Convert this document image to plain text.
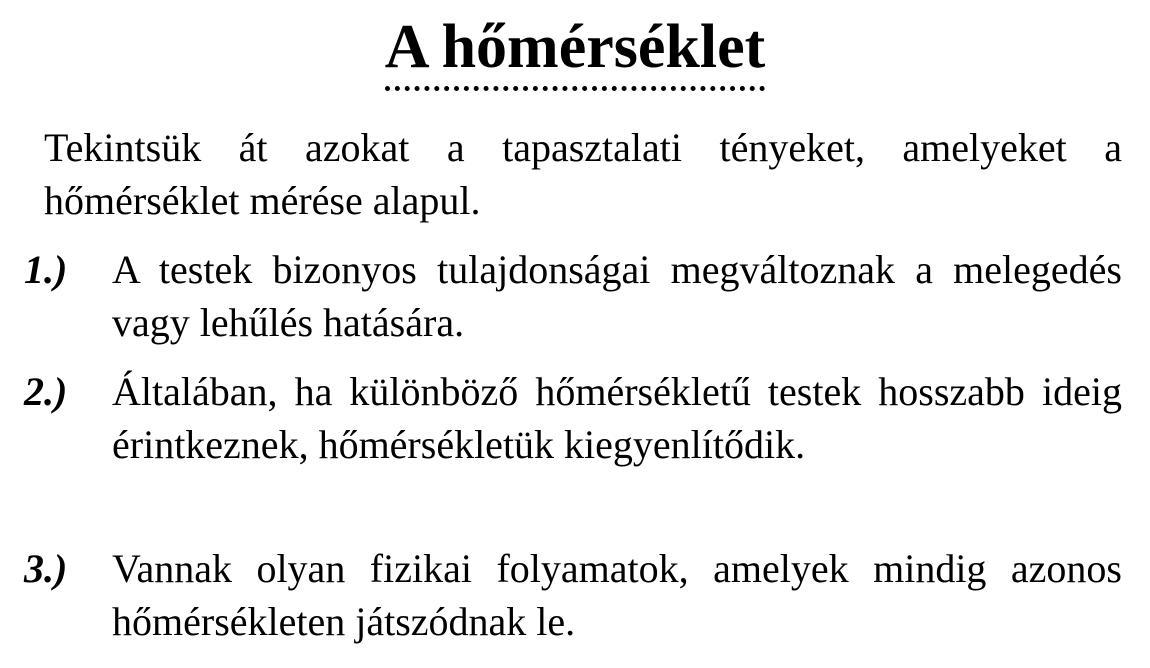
A hőmérséklet
Tekintsük át azokat a tapasztalati tényeket, amelyeket a hőmérséklet mérése alapul.
1.)	A testek bizonyos tulajdonságai megváltoznak a melegedés vagy lehűlés hatására.
2.)	Általában, ha különböző hőmérsékletű testek hosszabb ideig érintkeznek, hőmérsékletük kiegyenlítődik.
3.)	Vannak olyan fizikai folyamatok, amelyek mindig azonos hőmérsékleten játszódnak le.
